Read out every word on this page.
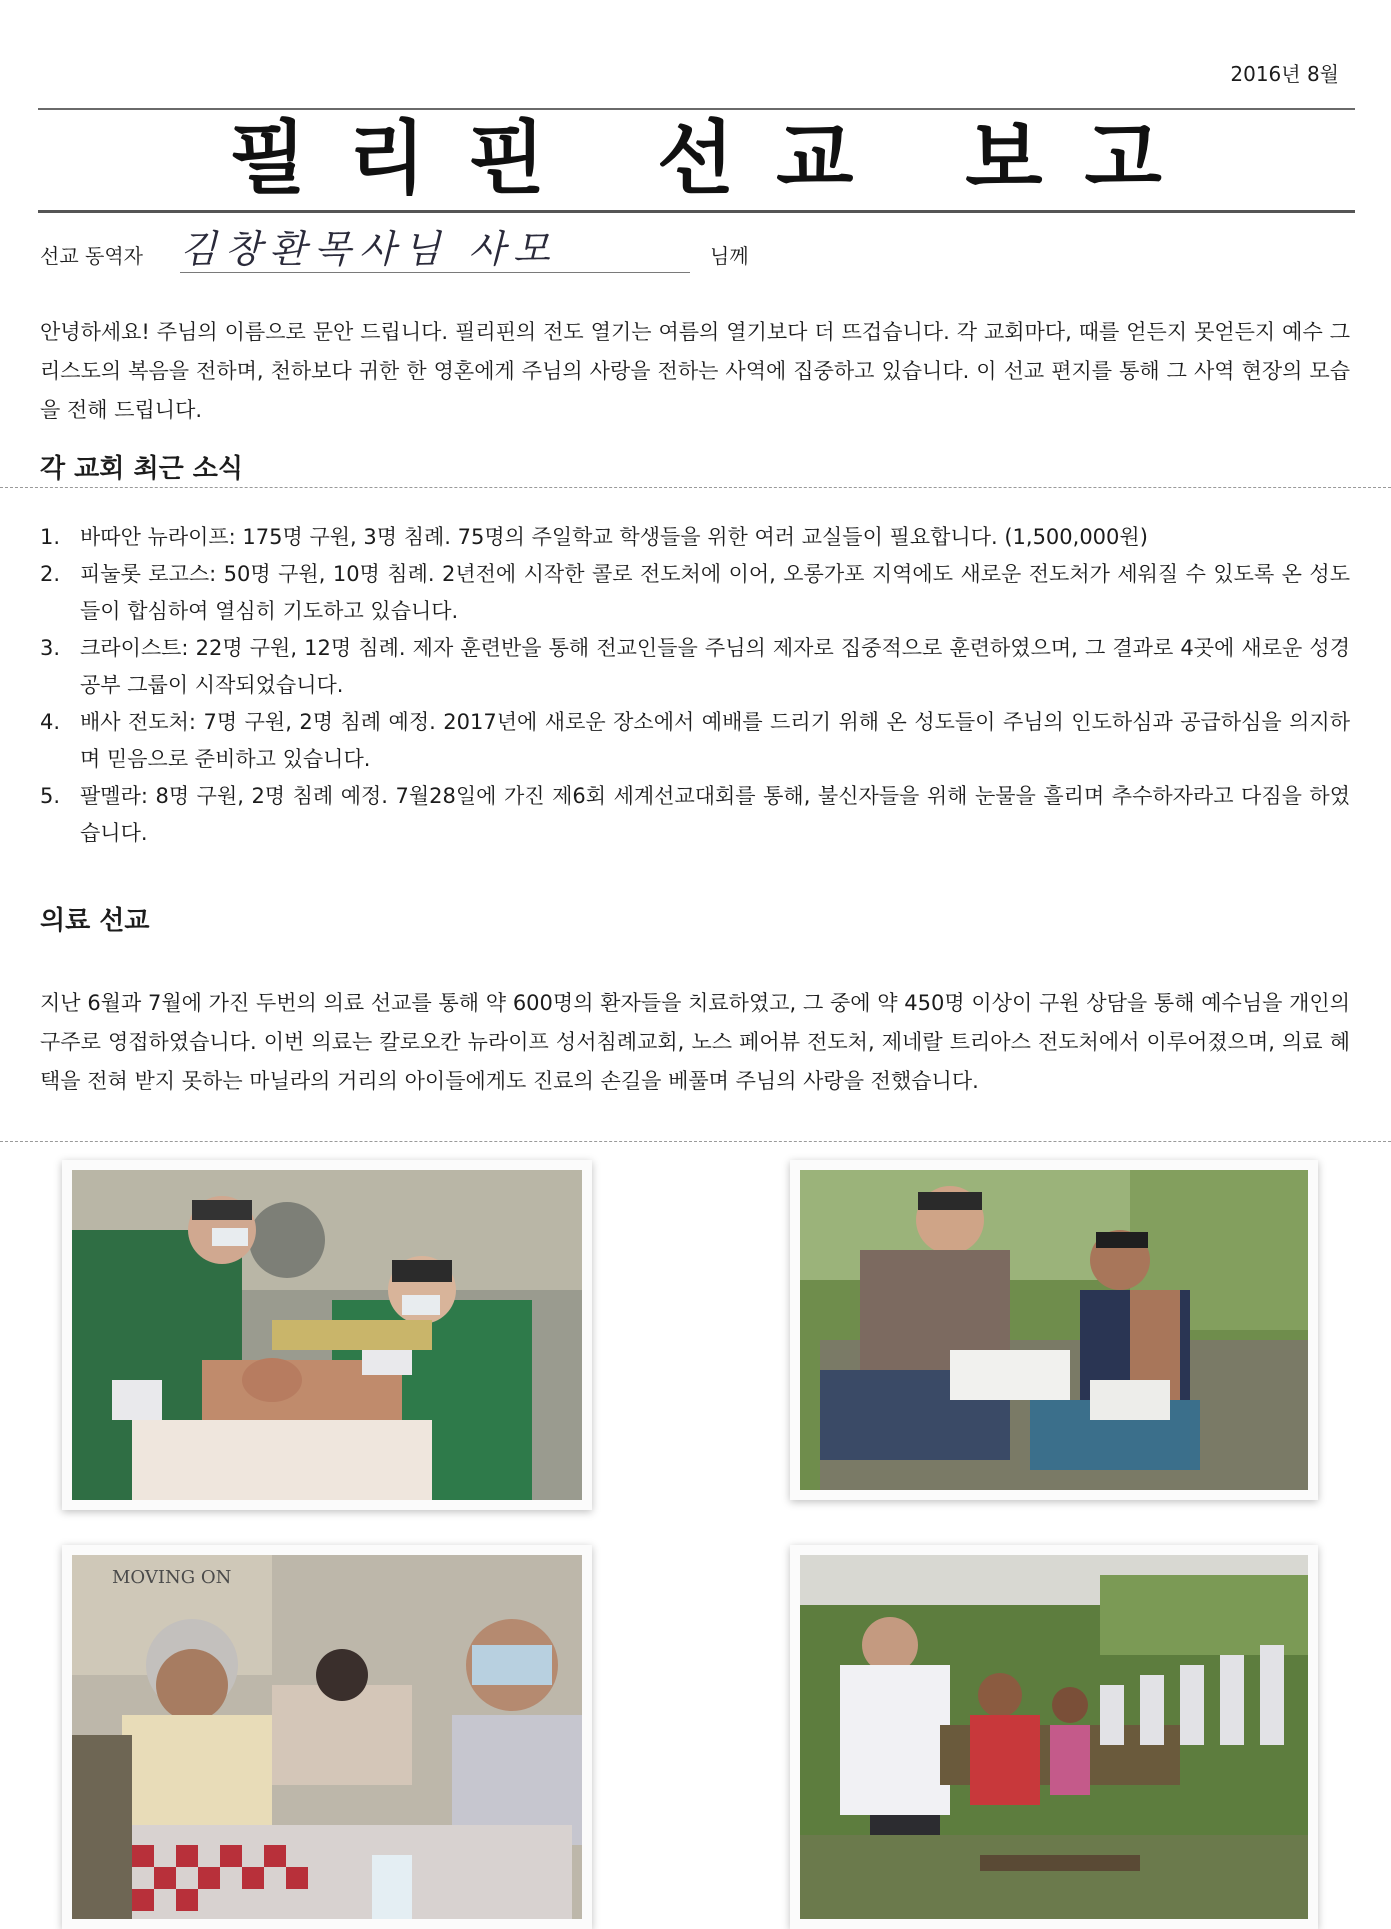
2016년 8월
필리핀 선교 보고
선교 동역자 김창환목사님 사모	님께

안녕하세요! 주님의 이름으로 문안 드립니다. 필리핀의 전도 열기는 여름의 열기보다 더 뜨겁습니다. 각 교회마다, 때를 얻든지 못얻든지 예수 그리스도의 복음을 전하며, 천하보다 귀한 한 영혼에게 주님의 사랑을 전하는 사역에 집중하고 있습니다. 이 선교 편지를 통해 그 사역 현장의 모습을 전해 드립니다.

각 교회 최근 소식
1. 바따안 뉴라이프: 175명 구원, 3명 침례. 75명의 주일학교 학생들을 위한 여러 교실들이 필요합니다. (1,500,000원)
2. 피눌롯 로고스: 50명 구원, 10명 침례. 2년전에 시작한 콜로 전도처에 이어, 오롱가포 지역에도 새로운 전도처가 세워질 수 있도록 온 성도들이 합심하여 열심히 기도하고 있습니다.
3. 크라이스트: 22명 구원, 12명 침례. 제자 훈련반을 통해 전교인들을 주님의 제자로 집중적으로 훈련하였으며, 그 결과로 4곳에 새로운 성경공부 그룹이 시작되었습니다.
4. 배사 전도처: 7명 구원, 2명 침례 예정. 2017년에 새로운 장소에서 예배를 드리기 위해 온 성도들이 주님의 인도하심과 공급하심을 의지하며 믿음으로 준비하고 있습니다.
5. 팔멜라: 8명 구원, 2명 침례 예정. 7월28일에 가진 제6회 세계선교대회를 통해, 불신자들을 위해 눈물을 흘리며 추수하자라고 다짐을 하였습니다.
의료 선교

지난 6월과 7월에 가진 두번의 의료 선교를 통해 약 600명의 환자들을 치료하였고, 그 중에 약 450명 이상이 구원 상담을 통해 예수님을 개인의 구주로 영접하였습니다. 이번 의료는 칼로오칸 뉴라이프 성서침례교회, 노스 페어뷰 전도처, 제네랄 트리아스 전도처에서 이루어졌으며, 의료 혜택을 전혀 받지 못하는 마닐라의 거리의 아이들에게도 진료의 손길을 베풀며 주님의 사랑을 전했습니다.

MOVING ON
